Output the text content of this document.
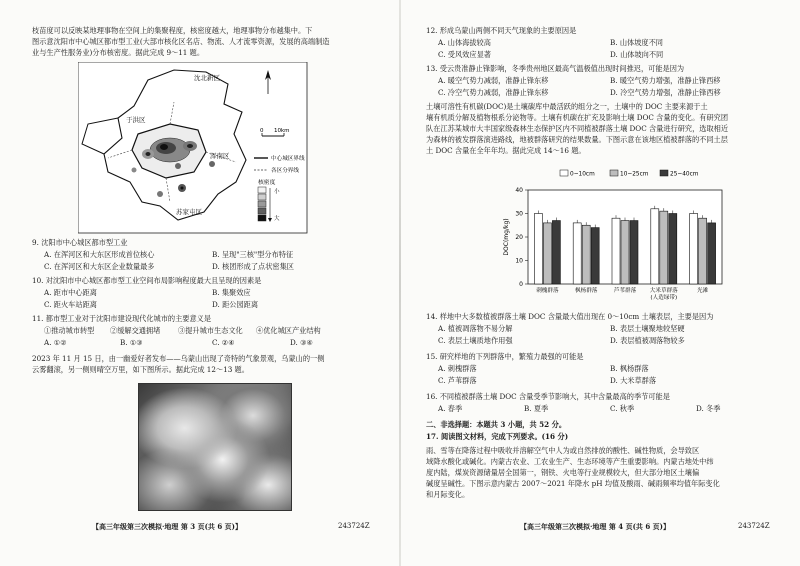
枝苗度可以反映某地理事物在空间上的集聚程度，核密度越大，地理事物分布越集中。下
图示意沈阳市中心城区都市型工业(大部市核化区名店、物流、人才流零资源，发展的高端制造
业与生产性服务业)分布核密度。据此完成 9～11 题。
沈北新区
于洪区
浑南区
苏家屯区
0 10km
中心城区界线
各区分界线
核密度
小
大
9. 沈阳市中心城区都市型工业
A. 在浑河区和大东区形成首位核心	B. 呈现"三核"型分布特征
C. 在浑河区和大东区企业数量最多	D. 核团形成了点状密集区
10. 对沈阳市中心城区都市型工业空间布局影响程度最大且呈现的因素是
A. 距市中心距离	B. 集聚效应
C. 距火车站距离	D. 距公园距离
11. 都市型工业对于沈阳市建设现代化城市的主要意义是
①推动城市转型 ②缓解交通拥堵 ③提升城市生态文化 ④优化城区产业结构
A. ①②	B. ①③	C. ②④	D. ③④
2023 年 11 月 15 日，由一幽爱好者发布——乌蒙山出现了奇特的气象景观，乌蒙山的一侧
云雾翻滚，另一侧则晴空万里，如下图所示。据此完成 12～13 题。
【高三年级第三次模拟·地理 第 3 页(共 6 页)】	243724Z
12. 形成乌蒙山两侧不同天气现象的主要原因是
A. 山体海拔较高	B. 山体坡度不同
C. 受风效应显著	D. 山体坡向不同
13. 受云贵准静止锋影响，冬季贵州地区最高气温极值出现时间推迟，可能是因为
A. 暖空气势力减弱，准静止锋东移	B. 暖空气势力增强，准静止锋西移
C. 冷空气势力减弱，准静止锋东移	D. 冷空气势力增强，准静止锋西移
土壤可溶性有机碳(DOC)是土壤碳库中最活跃的组分之一，土壤中的 DOC 主要来源于土
壤有机质分解及植物根系分泌物等。土壤有机碳在扩充及影响土壤 DOC 含量的变化。有研究团
队在江苏某城市大丰国家级森林生态保护区内不同植被群落土壤 DOC 含量进行研究，选取相近
为森林的被发群落演进路线，地被群落研究的结果数量。下图示意在该地区植被群落的不同土层
土 DOC 含量在全年年均。据此完成 14～16 题。
0
10
20
30
40
DOC(mg/kg)
刺槐群落	枫杨群落	芦苇群落 大米草群落
(人造绿带)
光滩
0~10cm	10~25cm	25~40cm
14. 样地中大多数植被群落土壤 DOC 含量最大值出现在 0～10cm 土壤表层，主要是因为
A. 植被凋落物不易分解	B. 表层土壤聚地较坚硬
C. 表层土壤质地作用强	D. 表层植被凋落物较多
15. 研究样地的下列群落中，繁殖力最强的可能是
A. 刺槐群落	B. 枫杨群落
C. 芦苇群落	D. 大米草群落
16. 不同植被群落土壤 DOC 含量受季节影响大，其中含量最高的季节可能是
A. 春季	B. 夏季	C. 秋季	D. 冬季
二、非选择题：本题共 3 小题，共 52 分。
17. 阅读图文材料，完成下列要求。(16 分)
雨、雪等在降落过程中吸收并溶解空气中人为或自然排放的酸性、碱性物质，会导致区
域降水酸化或碱化。内蒙古农业、工农业生产、生态环境等产生重要影响。内蒙古地处中纬
度内陆，煤炭资源储量居全国第一，钢铁、火电等行业规模较大，但大部分地区土壤偏
碱度呈碱性。下图示意内蒙古 2007～2021 年降水 pH 均值及酸雨、碱雨频率均值年际变化
和月际变化。
【高三年级第三次模拟·地理 第 4 页(共 6 页)】	243724Z
